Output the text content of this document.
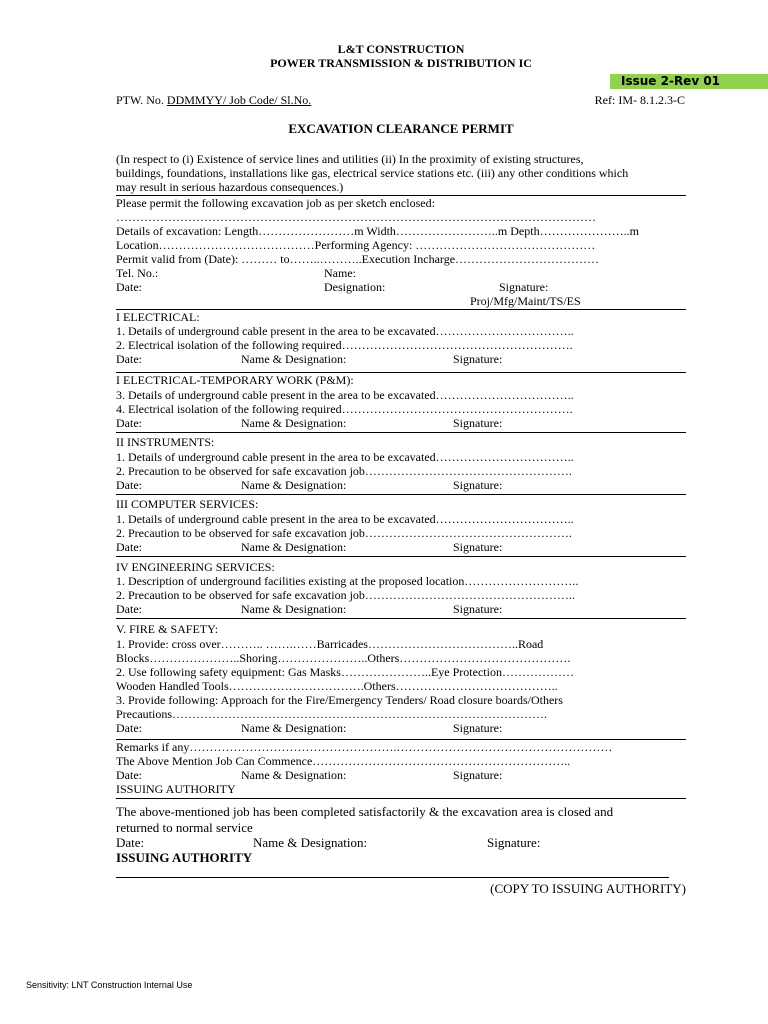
L&T CONSTRUCTION
POWER TRANSMISSION & DISTRIBUTION IC
Issue 2-Rev 01
PTW. No. DDMMYY/ Job Code/ Sl.No.	Ref: IM- 8.1.2.3-C
EXCAVATION CLEARANCE PERMIT
(In respect to (i) Existence of service lines and utilities (ii) In the proximity of existing structures,
buildings, foundations, installations like gas, electrical service stations etc. (iii) any other conditions which
may result in serious hazardous consequences.)
Please permit the following excavation job as per sketch enclosed:
…………………………………………………………………………………………………………
Details of excavation: Length……………………m Width……………………..m Depth…………………..m
Location…………………………………Performing Agency: ………………………………………
Permit valid from (Date): ……… to……..………..Execution Incharge………………………………
Tel. No.:	Name:
Date:	Designation:	Signature:
Proj/Mfg/Maint/TS/ES
I ELECTRICAL:
1. Details of underground cable present in the area to be excavated……………………………..
2. Electrical isolation of the following required………………………………………………….
Date:	Name & Designation:	Signature:
I ELECTRICAL-TEMPORARY WORK (P&M):
3. Details of underground cable present in the area to be excavated……………………………..
4. Electrical isolation of the following required………………………………………………….
Date:	Name & Designation:	Signature:
II INSTRUMENTS:
1. Details of underground cable present in the area to be excavated……………………………..
2. Precaution to be observed for safe excavation job…………………………………………….
Date:	Name & Designation:	Signature:
III COMPUTER SERVICES:
1. Details of underground cable present in the area to be excavated……………………………..
2. Precaution to be observed for safe excavation job…………………………………………….
Date:	Name & Designation:	Signature:
IV ENGINEERING SERVICES:
1. Description of underground facilities existing at the proposed location………………………..
2. Precaution to be observed for safe excavation job……………………………………………..
Date:	Name & Designation:	Signature:
V. FIRE & SAFETY:
1. Provide: cross over……….. …….……Barricades………………………………..Road
Blocks…………………..Shoring…………………..Others…………………………………….
2. Use following safety equipment: Gas Masks…………………..Eye Protection………………
Wooden Handled Tools…………………………….Others…………………………………..
3. Provide following: Approach for the Fire/Emergency Tenders/ Road closure boards/Others
Precautions………………………………………………………………………………….
Date:	Name & Designation:	Signature:
Remarks if any…………………………………………….………………………………………………
The Above Mention Job Can Commence………………………………………………………..
Date:	Name & Designation:	Signature:
ISSUING AUTHORITY
The above-mentioned job has been completed satisfactorily & the excavation area is closed and
returned to normal service
Date:	Name & Designation:	Signature:
ISSUING AUTHORITY
(COPY TO ISSUING AUTHORITY)
Sensitivity: LNT Construction Internal Use
